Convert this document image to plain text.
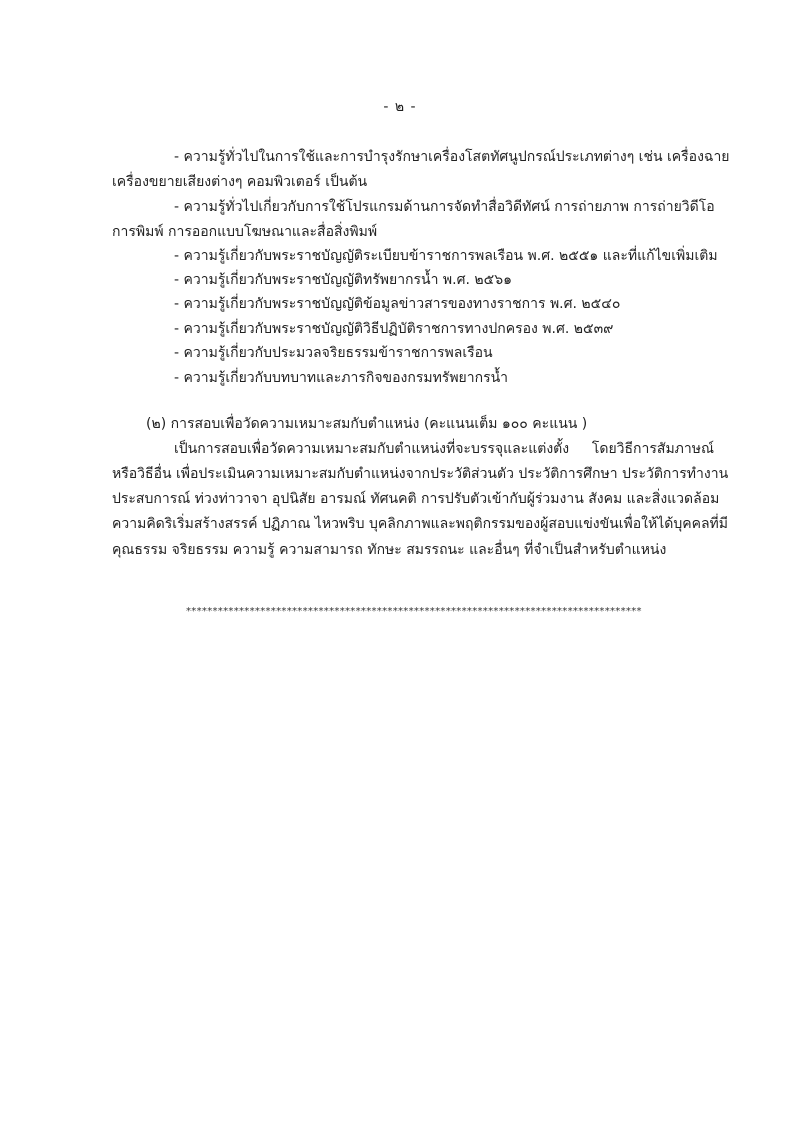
- ๒ -
- ความรู้ทั่วไปในการใช้และการบำรุงรักษาเครื่องโสตทัศนูปกรณ์ประเภทต่างๆ เช่น เครื่องฉาย
เครื่องขยายเสียงต่างๆ คอมพิวเตอร์ เป็นต้น
- ความรู้ทั่วไปเกี่ยวกับการใช้โปรแกรมด้านการจัดทำสื่อวิดีทัศน์ การถ่ายภาพ การถ่ายวิดีโอ
การพิมพ์ การออกแบบโฆษณาและสื่อสิ่งพิมพ์
- ความรู้เกี่ยวกับพระราชบัญญัติระเบียบข้าราชการพลเรือน พ.ศ. ๒๕๕๑ และที่แก้ไขเพิ่มเติม
- ความรู้เกี่ยวกับพระราชบัญญัติทรัพยากรน้ำ พ.ศ. ๒๕๖๑
- ความรู้เกี่ยวกับพระราชบัญญัติข้อมูลข่าวสารของทางราชการ พ.ศ. ๒๕๔๐
- ความรู้เกี่ยวกับพระราชบัญญัติวิธีปฏิบัติราชการทางปกครอง พ.ศ. ๒๕๓๙
- ความรู้เกี่ยวกับประมวลจริยธรรมข้าราชการพลเรือน
- ความรู้เกี่ยวกับบทบาทและภารกิจของกรมทรัพยากรน้ำ
(๒) การสอบเพื่อวัดความเหมาะสมกับตำแหน่ง (คะแนนเต็ม ๑๐๐ คะแนน )
เป็นการสอบเพื่อวัดความเหมาะสมกับตำแหน่งที่จะบรรจุและแต่งตั้ง โดยวิธีการสัมภาษณ์
หรือวิธีอื่น เพื่อประเมินความเหมาะสมกับตำแหน่งจากประวัติส่วนตัว ประวัติการศึกษา ประวัติการทำงาน
ประสบการณ์ ท่วงท่าวาจา อุปนิสัย อารมณ์ ทัศนคติ การปรับตัวเข้ากับผู้ร่วมงาน สังคม และสิ่งแวดล้อม
ความคิดริเริ่มสร้างสรรค์ ปฏิภาณ ไหวพริบ บุคลิกภาพและพฤติกรรมของผู้สอบแข่งขันเพื่อให้ได้บุคคลที่มี
คุณธรรม จริยธรรม ความรู้ ความสามารถ ทักษะ สมรรถนะ และอื่นๆ ที่จำเป็นสำหรับตำแหน่ง
**************************************************************************************
